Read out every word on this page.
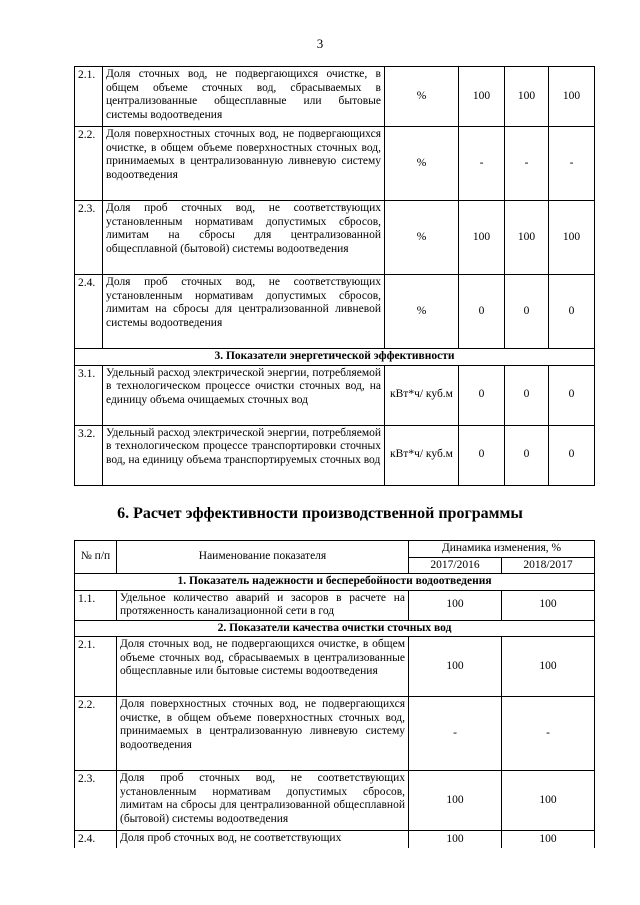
3
2.1.	Доля сточных вод, не подвергающихся очистке, в общем объеме сточных вод, сбрасываемых в централизованные общесплавные или бытовые системы водоотведения	%	100	100	100
2.2.	Доля поверхностных сточных вод, не подвергающихся очистке, в общем объеме поверхностных сточных вод, принимаемых в централизованную ливневую систему водоотведения	%	-	-	-
2.3.	Доля проб сточных вод, не соответствующих установленным нормативам допустимых сбросов, лимитам на сбросы для централизованной общесплавной (бытовой) системы водоотведения	%	100	100	100
2.4.	Доля проб сточных вод, не соответствующих установленным нормативам допустимых сбросов, лимитам на сбросы для централизованной ливневой системы водоотведения	%	0	0	0
3. Показатели энергетической эффективности					
3.1.	Удельный расход электрической энергии, потребляемой в технологическом процессе очистки сточных вод, на единицу объема очищаемых сточных вод	кВт*ч/ куб.м	0	0	0
3.2.	Удельный расход электрической энергии, потребляемой в технологическом процессе транспортировки сточных вод, на единицу объема транспортируемых сточных вод	кВт*ч/ куб.м	0	0	0
6. Расчет эффективности производственной программы
№ п/п	Наименование показателя	Динамика изменения, %	
		2017/2016	2018/2017
1. Показатель надежности и бесперебойности водоотведения			
1.1.	Удельное количество аварий и засоров в расчете на протяженность канализационной сети в год	100	100
2. Показатели качества очистки сточных вод			
2.1.	Доля сточных вод, не подвергающихся очистке, в общем объеме сточных вод, сбрасываемых в централизованные общесплавные или бытовые системы водоотведения	100	100
2.2.	Доля поверхностных сточных вод, не подвергающихся очистке, в общем объеме поверхностных сточных вод, принимаемых в централизованную ливневую систему водоотведения	-	-
2.3.	Доля проб сточных вод, не соответствующих установленным нормативам допустимых сбросов, лимитам на сбросы для централизованной общесплавной (бытовой) системы водоотведения	100	100
2.4.	Доля проб сточных вод, не соответствующих	100	100
